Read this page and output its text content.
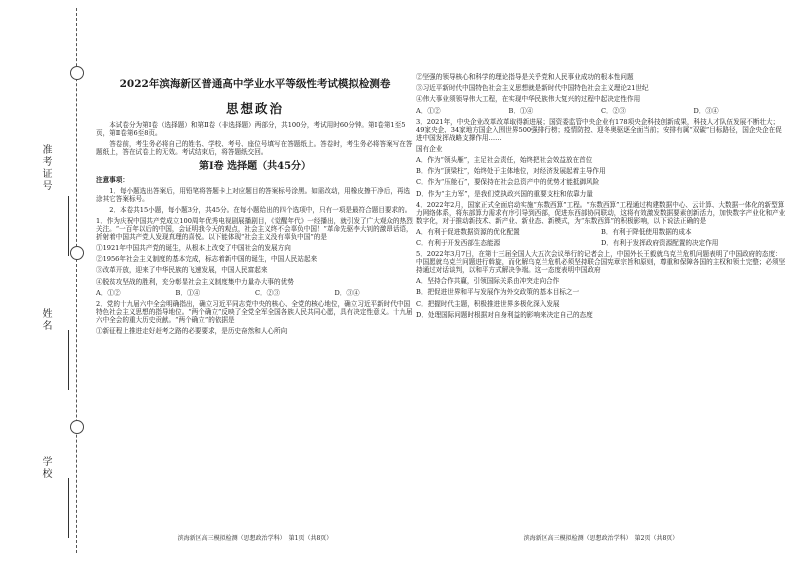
准考证号
姓名
学校
2022年滨海新区普通高中学业水平等级性考试模拟检测卷
思想政治

本试卷分为第Ⅰ卷（选择题）和第Ⅱ卷（非选择题）两部分，共100分，考试用时60分钟。第Ⅰ卷第1至5页，第Ⅱ卷第6至8页。

答卷前，考生务必将自己的姓名、学校、考号、座位号填写在答题纸上。答卷时，考生务必将答案写在答题纸上，答在试卷上的无效。考试结束后，将答题纸交回。

第Ⅰ卷 选择题（共45分）

注意事项：

1．每小题选出答案后，用铅笔将答题卡上对应题目的答案标号涂黑。如需改动，用橡皮擦干净后，再选涂其它答案标号。

2．本卷共15小题，每小题3分，共45分。在每小题给出的四个选项中，只有一项是最符合题目要求的。

1．作为庆祝中国共产党成立100周年优秀电视剧展播剧目，《觉醒年代》一经播出，就引发了广大观众的热烈关注。“一百年以后的中国，会证明我今天的观点，社会主义终不会辜负中国！”革命先驱李大钊的激昂话语，折射着中国共产党人发现真理的喜悦。以下能体现“社会主义没有辜负中国”的是

①1921年中国共产党的诞生，从根本上改变了中国社会的发展方向

②1956年社会主义制度的基本完成，标志着新中国的诞生，中国人民站起来

③改革开放，迎来了中华民族的飞速发展，中国人民富起来

④脱贫攻坚战的胜利，充分彰显社会主义制度集中力量办大事的优势

A．①②	B．①④	C．②③	D．③④

2．党的十九届六中全会明确指出，确立习近平同志党中央的核心、全党的核心地位，确立习近平新时代中国特色社会主义思想的指导地位。“两个确立”反映了全党全军全国各族人民共同心愿，具有决定性意义。十九届六中全会的重大历史贡献。“两个确立”的依据是

①新征程上推进走好赶考之路的必要要求，是历史奋然和人心所向

滨海新区高三模拟检测（思想政治学科）　第1页（共8页）

②坚强的领导核心和科学的理论指导是关乎党和人民事业成功的根本性问题

③习近平新时代中国特色社会主义思想就是新时代中国特色社会主义理论21世纪

④伟大事业须领导伟大工程，在实现中华民族伟大复兴的过程中起决定性作用

A．①②	B．①④	C．②③	D．③④

3．2021年，中央企业改革改革取得新进展；国资委监管中央企业有178项央企科技创新成果，科技人才队伍发展不断壮大；49家央企、34家地方国企入围世界500强排行榜；疫情防控、迎冬奥驱逐全面当前；安排有属“双碳”目标路径，国企央企在促进中国发挥战略支撑作用……

国有企业

A．作为“领头雁”，主足社会责任，始终把社会效益放在首位

B．作为“顶梁柱”，始终处于主体地位，对经济发展起着主导作用

C．作为“压舱石”，要保持在社会总资产中的优势才能抵御风险

D．作为“主力军”，是我们党执政兴国的重要支柱和依靠力量

4．2022年2月，国家正式全面启动实施“东数西算”工程。“东数西算”工程通过构建数据中心、云计算、大数据一体化的新型算力网络体系，将东部算力需求有序引导到西部，促进东西部协同联动，这将有效激发数据要素创新活力，加快数字产业化和产业数字化，对于推动新技术、新产业、新业态、新模式，为“东数西算”的积极影响，以下说法正确的是

A．有利于促进数据资源的优化配置	B．有利于降低使用数据的成本
C．有利于开发西部生态能源	D．有利于发挥政府资源配置的决定作用

5．2022年3月7日，在第十三届全国人大五次会议举行的记者会上，中国外长王毅就乌克兰危机问题表明了中国政府的态度：中国愿就乌克兰问题进行斡旋，而化解乌克兰危机必须坚持联合国宪章宗旨和原则，尊重和保障各国的主权和领土完整；必须坚持通过对话谈判，以和平方式解决争端。这一态度表明中国政府

A．坚持合作共赢，引领国际关系由冲突走向合作

B．把促进世界和平与发展作为外交政策的基本目标之一

C．把握时代主题，积极推进世界多极化深入发展

D．处理国际问题时根据对自身利益的影响来决定自己的态度

滨海新区高三模拟检测（思想政治学科）　第2页（共8页）
